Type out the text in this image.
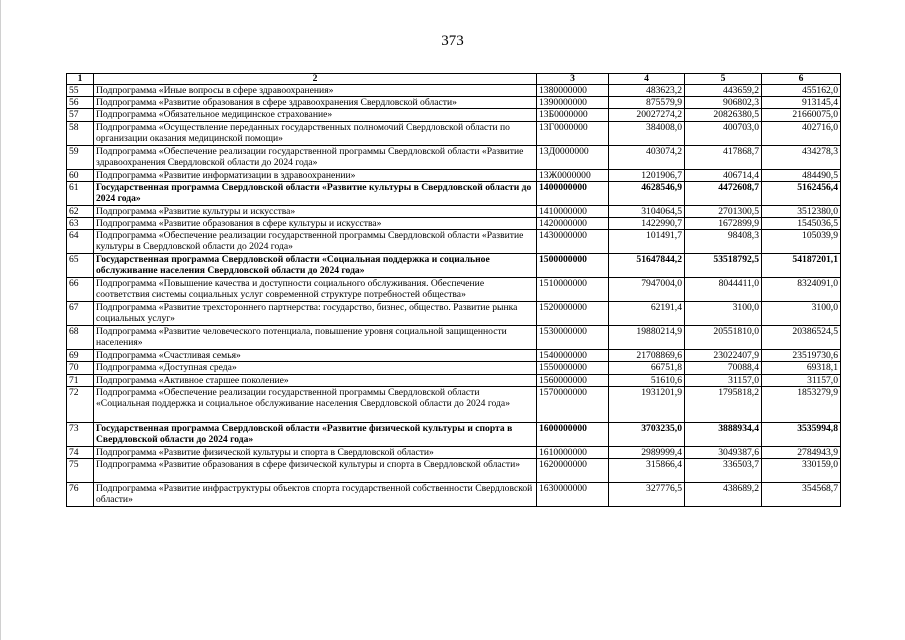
373
1	2	3	4	5	6
55	Подпрограмма «Иные вопросы в сфере здравоохранения»	1380000000	483623,2	443659,2	455162,0
56	Подпрограмма «Развитие образования в сфере здравоохранения Свердловской области»	1390000000	875579,9	906802,3	913145,4
57	Подпрограмма «Обязательное медицинское страхование»	13Б0000000	20027274,2	20826380,5	21660075,0
58	Подпрограмма «Осуществление переданных государственных полномочий Свердловской области по организации оказания медицинской помощи»	13Г0000000	384008,0	400703,0	402716,0
59	Подпрограмма «Обеспечение реализации государственной программы Свердловской области «Развитие здравоохранения Свердловской области до 2024 года»	13Д0000000	403074,2	417868,7	434278,3
60	Подпрограмма «Развитие информатизации в здравоохранении»	13Ж0000000	1201906,7	406714,4	484490,5
61	Государственная программа Свердловской области «Развитие культуры в Свердловской области до 2024 года»	1400000000	4628546,9	4472608,7	5162456,4
62	Подпрограмма «Развитие культуры и искусства»	1410000000	3104064,5	2701300,5	3512380,0
63	Подпрограмма «Развитие образования в сфере культуры и искусства»	1420000000	1422990,7	1672899,9	1545036,5
64	Подпрограмма «Обеспечение реализации государственной программы Свердловской области «Развитие культуры в Свердловской области до 2024 года»	1430000000	101491,7	98408,3	105039,9
65	Государственная программа Свердловской области «Социальная поддержка и социальное обслуживание населения Свердловской области до 2024 года»	1500000000	51647844,2	53518792,5	54187201,1
66	Подпрограмма «Повышение качества и доступности социального обслуживания. Обеспечение соответствия системы социальных услуг современной структуре потребностей общества»	1510000000	7947004,0	8044411,0	8324091,0
67	Подпрограмма «Развитие трехстороннего партнерства: государство, бизнес, общество. Развитие рынка социальных услуг»	1520000000	62191,4	3100,0	3100,0
68	Подпрограмма «Развитие человеческого потенциала, повышение уровня социальной защищенности населения»	1530000000	19880214,9	20551810,0	20386524,5
69	Подпрограмма «Счастливая семья»	1540000000	21708869,6	23022407,9	23519730,6
70	Подпрограмма «Доступная среда»	1550000000	66751,8	70088,4	69318,1
71	Подпрограмма «Активное старшее поколение»	1560000000	51610,6	31157,0	31157,0
72	Подпрограмма «Обеспечение реализации государственной программы Свердловской области «Социальная поддержка и социальное обслуживание населения Свердловской области до 2024 года»	1570000000	1931201,9	1795818,2	1853279,9
73	Государственная программа Свердловской области «Развитие физической культуры и спорта в Свердловской области до 2024 года»	1600000000	3703235,0	3888934,4	3535994,8
74	Подпрограмма «Развитие физической культуры и спорта в Свердловской области»	1610000000	2989999,4	3049387,6	2784943,9
75	Подпрограмма «Развитие образования в сфере физической культуры и спорта в Свердловской области»	1620000000	315866,4	336503,7	330159,0
76	Подпрограмма «Развитие инфраструктуры объектов спорта государственной собственности Свердловской области»	1630000000	327776,5	438689,2	354568,7
